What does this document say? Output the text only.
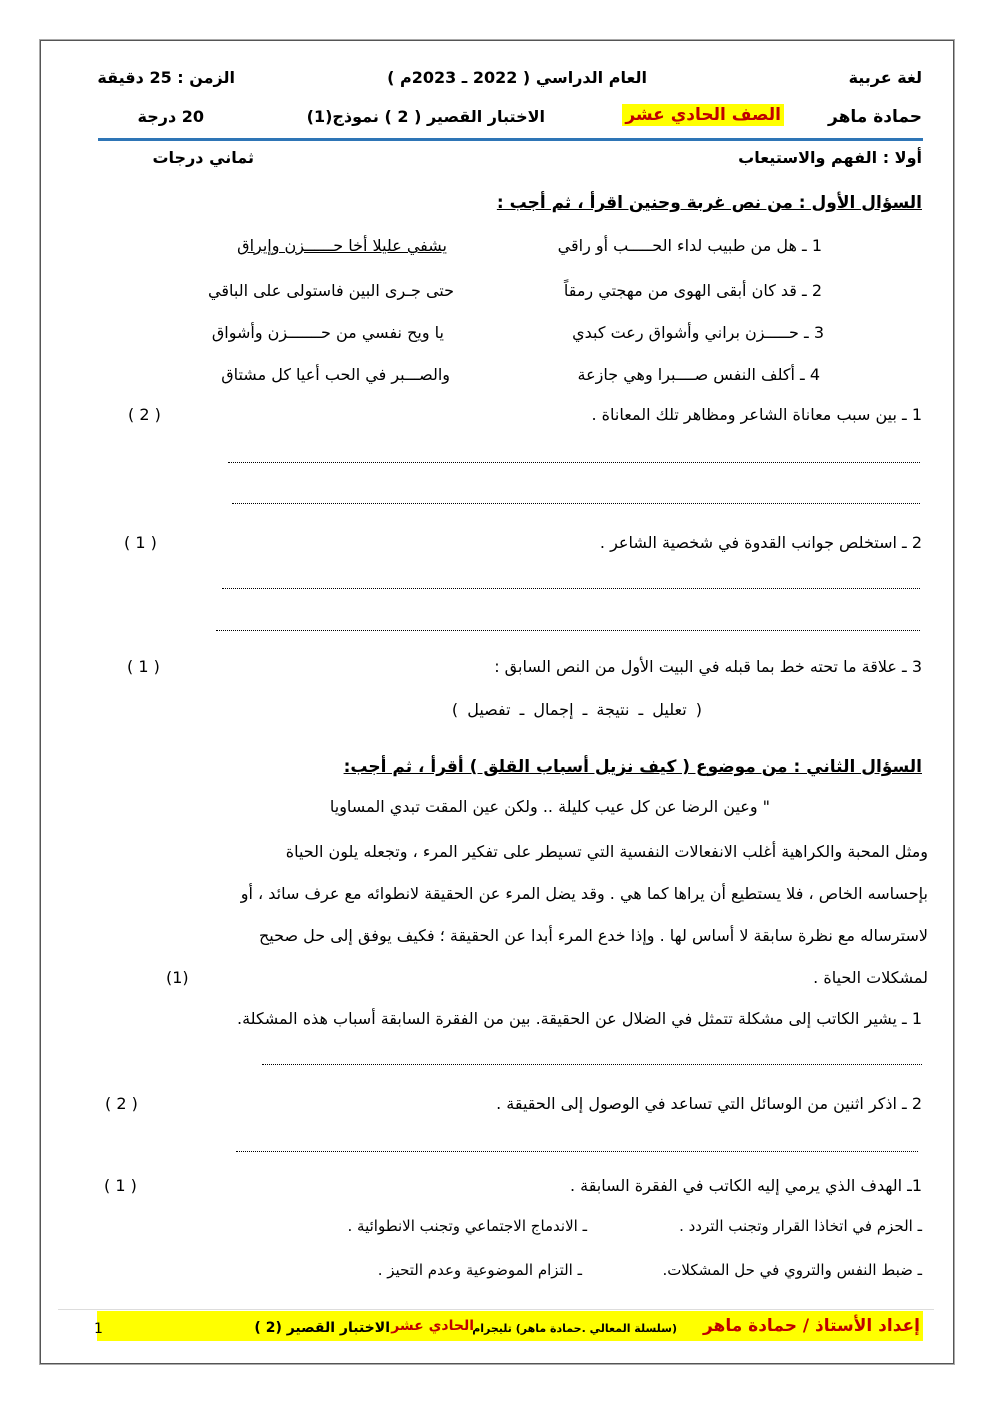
لغة عربية
العام الدراسي ( 2022 ـ 2023م )
الزمن : 25 دقيقة
حمادة ماهر
الصف الحادي عشر
الاختبار القصير ( 2 ) نموذج(1)
20 درجة
أولا : الفهم والاستيعاب
ثماني درجات
السؤال الأول : من نص غربة وحنين اقرأ ، ثم أجب :
1 ـ هل من طبيب لداء الحـــــب أو راقي
يشفي عليلا أخا حــــــزن وإيراق
2 ـ قد كان أبقى الهوى من مهجتي رمقاً
حتى جـرى البين فاستولى على الباقي
3 ـ حـــــزن براني وأشواق رعت كبدي
يا ويح نفسي من حـــــــزن وأشواق
4 ـ أكلف النفس صــــبرا وهي جازعة
والصـــبر في الحب أعيا كل مشتاق
1 ـ بين سبب معاناة الشاعر ومظاهر تلك المعاناة .
( 2 )
2 ـ استخلص جوانب القدوة في شخصية الشاعر .
( 1 )
3 ـ علاقة ما تحته خط بما قبله في البيت الأول من النص السابق :
( 1 )
( تعليل ـ نتيجة ـ إجمال ـ تفصيل )
السؤال الثاني : من موضوع ( كيف نزيل أسباب القلق ) أقرأ ، ثم أجب:
" وعين الرضا عن كل عيب كليلة .. ولكن عين المقت تبدي المساويا
ومثل المحبة والكراهية أغلب الانفعالات النفسية التي تسيطر على تفكير المرء ، وتجعله يلون الحياة
بإحساسه الخاص ، فلا يستطيع أن يراها كما هي . وقد يضل المرء عن الحقيقة لانطوائه مع عرف سائد ، أو
لاسترساله مع نظرة سابقة لا أساس لها . وإذا خدع المرء أبدا عن الحقيقة ؛ فكيف يوفق إلى حل صحيح
لمشكلات الحياة .
(1)
1 ـ يشير الكاتب إلى مشكلة تتمثل في الضلال عن الحقيقة. بين من الفقرة السابقة أسباب هذه المشكلة.
2 ـ اذكر اثنين من الوسائل التي تساعد في الوصول إلى الحقيقة .
( 2 )
1ـ الهدف الذي يرمي إليه الكاتب في الفقرة السابقة .
( 1 )
ـ الحزم في اتخاذا القرار وتجنب التردد .
ـ الاندماج الاجتماعي وتجنب الانطوائية .
ـ ضبط النفس والتروي في حل المشكلات.
ـ التزام الموضوعية وعدم التحيز .
إعداد الأستاذ / حمادة ماهر
(سلسلة المعالي .حمادة ماهر) تليجرام
الحادي عشر
الاختبار القصير (2 )
1
